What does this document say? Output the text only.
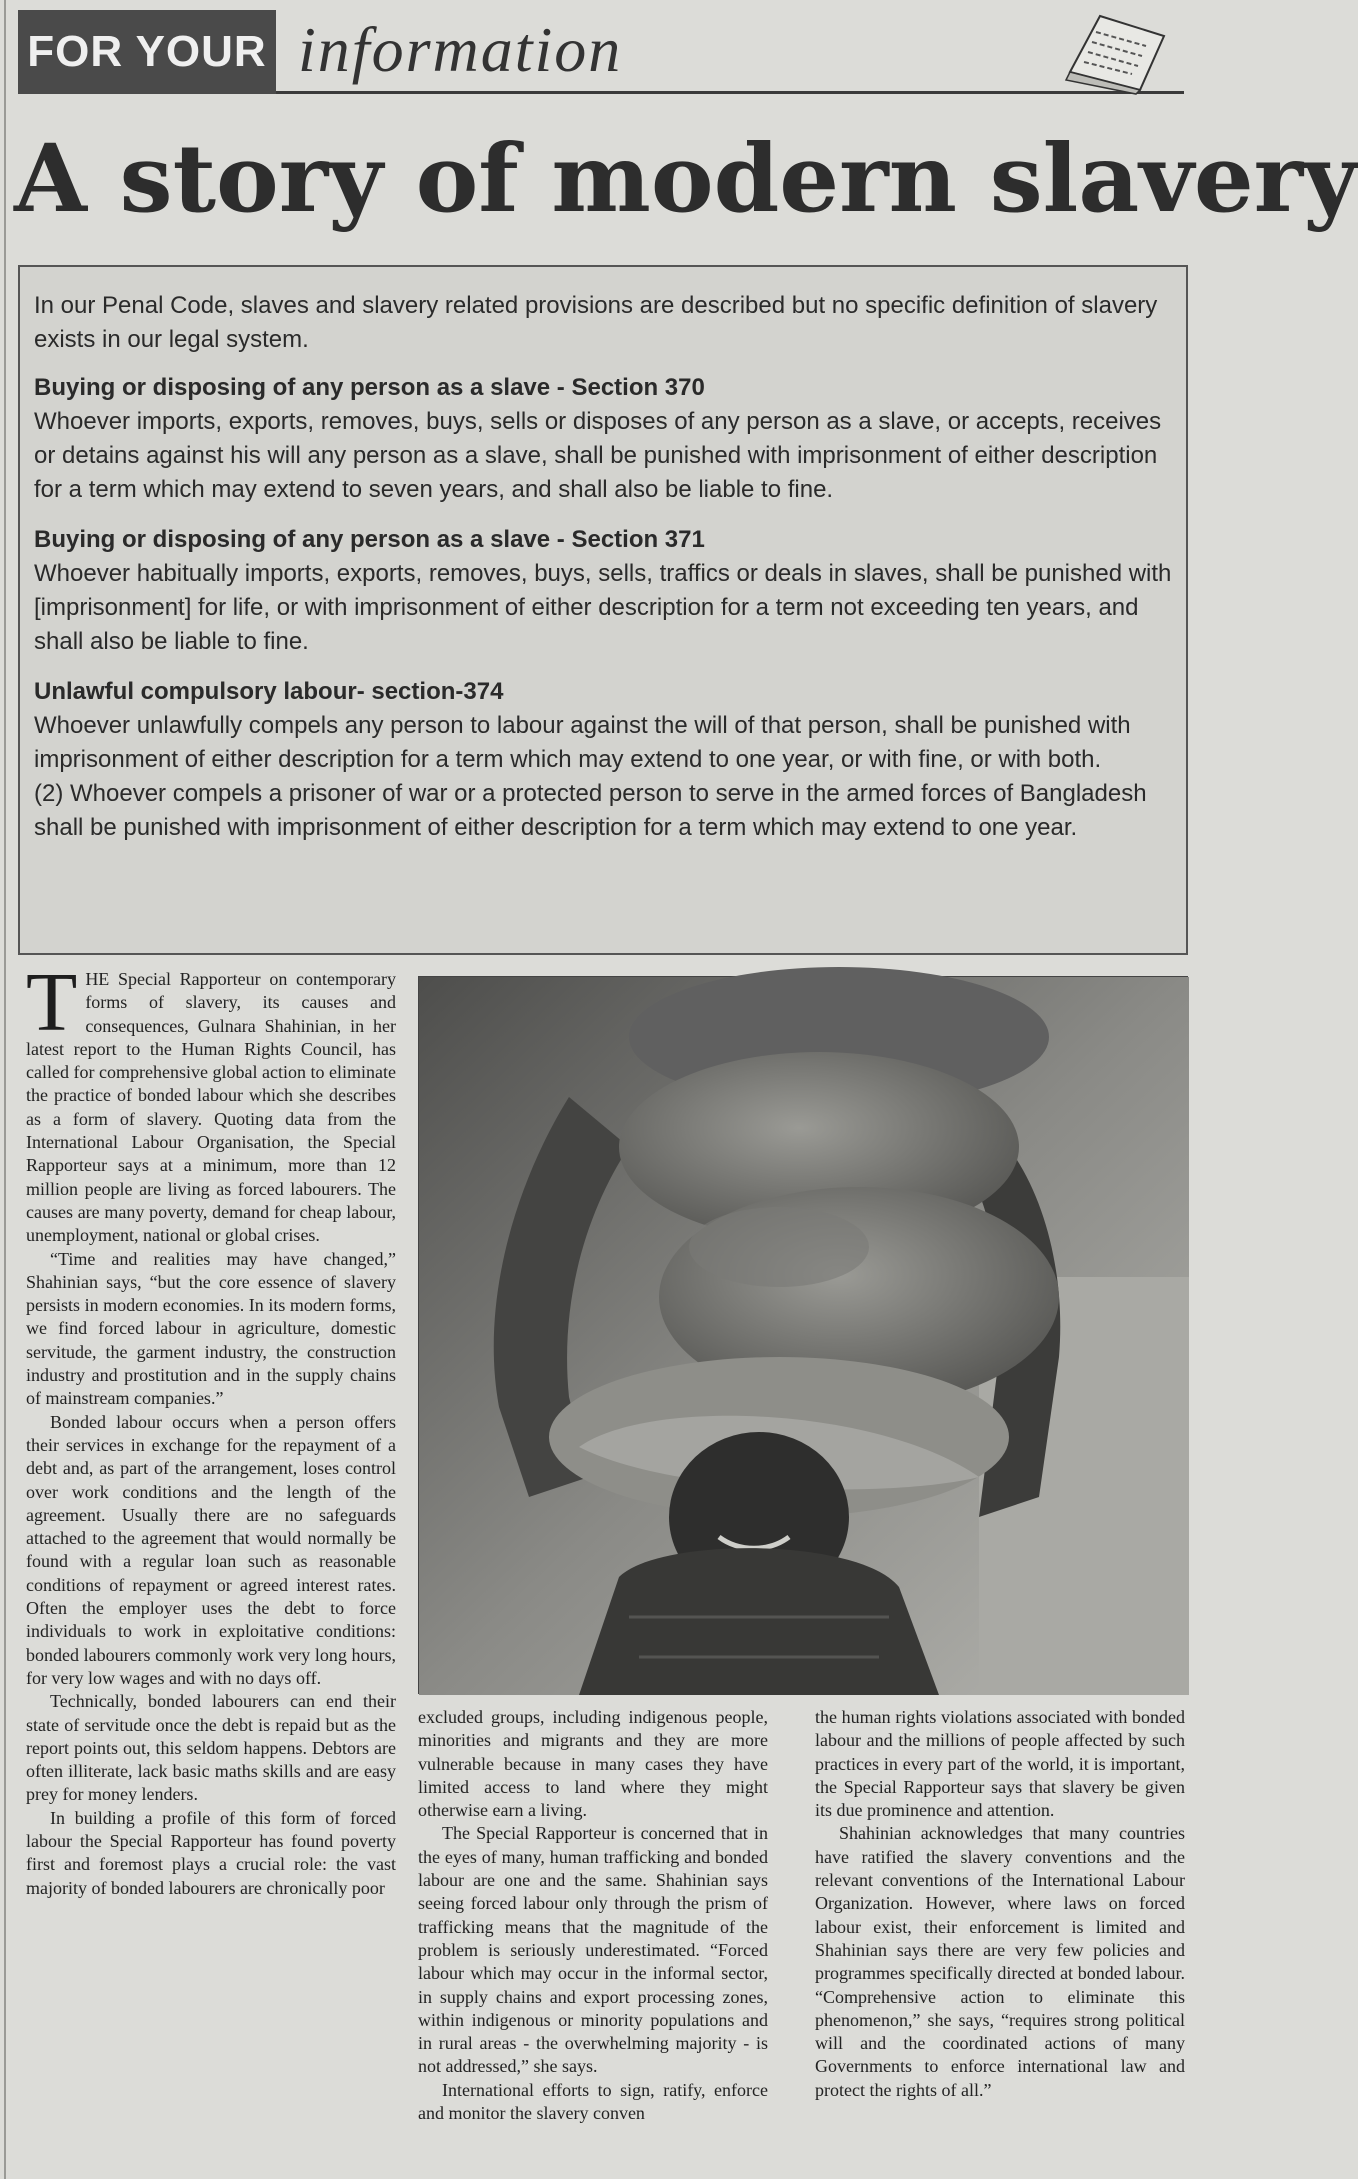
FOR YOUR information
A story of modern slavery

In our Penal Code, slaves and slavery related provisions are described but no specific definition of slavery exists in our legal system.

Buying or disposing of any person as a slave - Section 370

Whoever imports, exports, removes, buys, sells or disposes of any person as a slave, or accepts, receives or detains against his will any person as a slave, shall be punished with imprisonment of either description for a term which may extend to seven years, and shall also be liable to fine.

Buying or disposing of any person as a slave - Section 371

Whoever habitually imports, exports, removes, buys, sells, traffics or deals in slaves, shall be punished with [imprisonment] for life, or with imprisonment of either description for a term not exceeding ten years, and shall also be liable to fine.

Unlawful compulsory labour- section-374

Whoever unlawfully compels any person to labour against the will of that person, shall be punished with imprisonment of either description for a term which may extend to one year, or with fine, or with both.

(2) Whoever compels a prisoner of war or a protected person to serve in the armed forces of Bangladesh shall be punished with imprisonment of either description for a term which may extend to one year.

THE Special Rapporteur on contemporary forms of slavery, its causes and consequences, Gulnara Shahinian, in her latest report to the Human Rights Council, has called for comprehensive global action to eliminate the practice of bonded labour which she describes as a form of slavery. Quoting data from the International Labour Organisation, the Special Rapporteur says at a minimum, more than 12 million people are living as forced labourers. The causes are many poverty, demand for cheap labour, unemployment, national or global crises.

“Time and realities may have changed,” Shahinian says, “but the core essence of slavery persists in modern economies. In its modern forms, we find forced labour in agriculture, domestic servitude, the garment industry, the construction industry and prostitution and in the supply chains of mainstream companies.”

Bonded labour occurs when a person offers their services in exchange for the repayment of a debt and, as part of the arrangement, loses control over work conditions and the length of the agreement. Usually there are no safeguards attached to the agreement that would normally be found with a regular loan such as reasonable conditions of repayment or agreed interest rates. Often the employer uses the debt to force individuals to work in exploitative conditions: bonded labourers commonly work very long hours, for very low wages and with no days off.

Technically, bonded labourers can end their state of servitude once the debt is repaid but as the report points out, this seldom happens. Debtors are often illiterate, lack basic maths skills and are easy prey for money lenders.

In building a profile of this form of forced labour the Special Rapporteur has found poverty first and foremost plays a crucial role: the vast majority of bonded labourers are chronically poor

excluded groups, including indigenous people, minorities and migrants and they are more vulnerable because in many cases they have limited access to land where they might otherwise earn a living.

The Special Rapporteur is concerned that in the eyes of many, human trafficking and bonded labour are one and the same. Shahinian says seeing forced labour only through the prism of trafficking means that the magnitude of the problem is seriously underestimated. “Forced labour which may occur in the informal sector, in supply chains and export processing zones, within indigenous or minority populations and in rural areas - the overwhelming majority - is not addressed,” she says.

International efforts to sign, ratify, enforce and monitor the slavery conven

the human rights violations associated with bonded labour and the millions of people affected by such practices in every part of the world, it is important, the Special Rapporteur says that slavery be given its due prominence and attention.

Shahinian acknowledges that many countries have ratified the slavery conventions and the relevant conventions of the International Labour Organization. However, where laws on forced labour exist, their enforcement is limited and Shahinian says there are very few policies and programmes specifically directed at bonded labour. “Comprehensive action to eliminate this phenomenon,” she says, “requires strong political will and the coordinated actions of many Governments to enforce international law and protect the rights of all.”
